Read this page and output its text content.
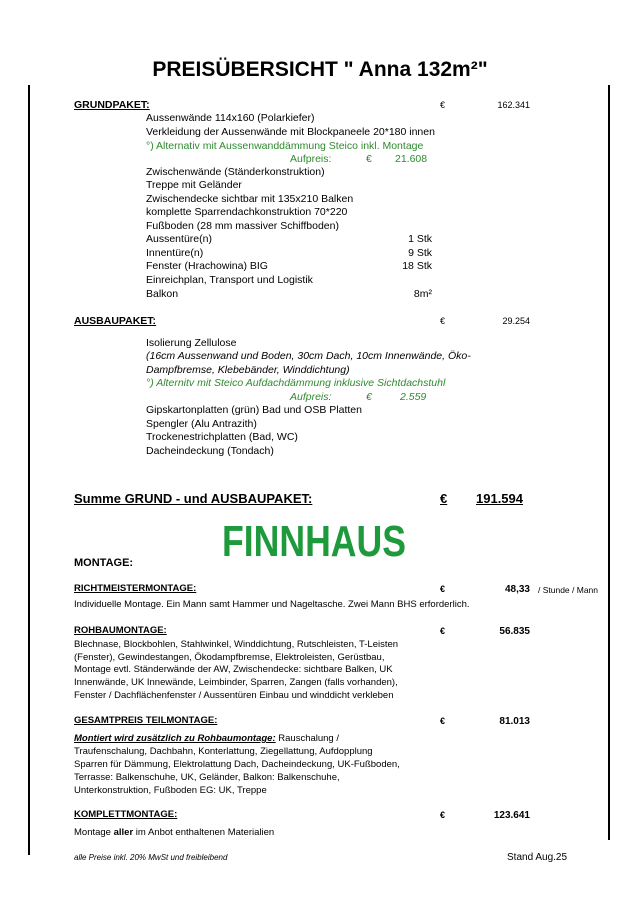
PREISÜBERSICHT " Anna 132m²"
GRUNDPAKET:	€	162.341
Aussenwände 114x160 (Polarkiefer)
Verkleidung der Aussenwände mit Blockpaneele 20*180 innen
°) Alternativ mit Aussenwanddämmung Steico inkl. Montage
Aufpreis:	€ 21.608
Zwischenwände (Ständerkonstruktion)
Treppe mit Geländer
Zwischendecke sichtbar mit 135x210 Balken
komplette Sparrendachkonstruktion 70*220
Fußboden (28 mm massiver Schiffboden)
Aussentüre(n)	1 Stk
Innentüre(n)	9 Stk
Fenster (Hrachowina) BIG	18 Stk
Einreichplan, Transport und Logistik
Balkon	8m²
AUSBAUPAKET:	€	29.254
Isolierung Zellulose
(16cm Aussenwand und Boden, 30cm Dach, 10cm Innenwände, Öko-
Dampfbremse, Klebebänder, Winddichtung)
°) Alternitv mit Steico Aufdachdämmung inklusive Sichtdachstuhl
Aufpreis:	€	2.559
Gipskartonplatten (grün) Bad und OSB Platten
Spengler (Alu Antrazith)
Trockenestrichplatten (Bad, WC)
Dacheindeckung (Tondach)
Summe GRUND - und AUSBAUPAKET:	€ 191.594
FINNHAUS
MONTAGE:
RICHTMEISTERMONTAGE:	€	48,33 / Stunde / Mann
Individuelle Montage. Ein Mann samt Hammer und Nageltasche. Zwei Mann BHS erforderlich.
ROHBAUMONTAGE:	€	56.835
Blechnase, Blockbohlen, Stahlwinkel, Winddichtung, Rutschleisten, T-Leisten
(Fenster), Gewindestangen, Ökodampfbremse, Elektroleisten, Gerüstbau,
Montage evtl. Ständerwände der AW, Zwischendecke: sichtbare Balken, UK
Innenwände, UK Innewände, Leimbinder, Sparren, Zangen (falls vorhanden),
Fenster / Dachflächenfenster / Aussentüren Einbau und winddicht verkleben
GESAMTPREIS TEILMONTAGE:	€	81.013
Montiert wird zusätzlich zu Rohbaumontage: Rauschalung /
Traufenschalung, Dachbahn, Konterlattung, Ziegellattung, Aufdopplung
Sparren für Dämmung, Elektrolattung Dach, Dacheindeckung, UK-Fußboden,
Terrasse: Balkenschuhe, UK, Geländer, Balkon: Balkenschuhe,
Unterkonstruktion, Fußboden EG: UK, Treppe
KOMPLETTMONTAGE:	€	123.641
Montage aller im Anbot enthaltenen Materialien
alle Preise inkl. 20% MwSt und freibleibend	Stand Aug.25
